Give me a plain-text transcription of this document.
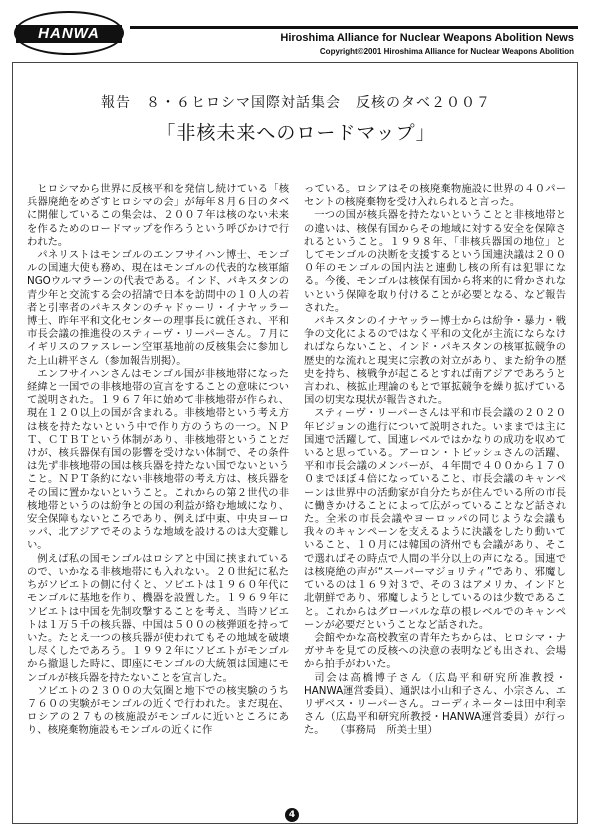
HANWA	Hiroshima Alliance for Nuclear Weapons Abolition News
Copyright©2001 Hiroshima Alliance for Nuclear Weapons Abolition
報告　８・６ヒロシマ国際対話集会　反核のタベ２００７
「非核未来へのロードマップ」

ヒロシマから世界に反核平和を発信し続けている「核兵器廃絶をめざすヒロシマの会」が毎年８月６日のタベに開催しているこの集会は、２００７年は核のない未来を作るためのロードマップを作ろうという呼びかけで行われた。

パネリストはモンゴルのエンフサイハン博士、モンゴルの国連大使も務め、現在はモンゴルの代表的な核軍縮NGOウルマラーンの代表である。インド、パキスタンの青少年と交流する会の招請で日本を訪問中の１０人の若者と引率者のパキスタンのチャドゥーリ・イナヤッラー博士、昨年平和文化センターの理事長に就任され、平和市長会議の推進役のスティーヴ・リーパーさん。７月にイギリスのファスレーン空軍基地前の反核集会に参加した上山耕平さん（参加報告別掲）。

エンフサイハンさんはモンゴル国が非核地帯になった経緯と一国での非核地帯の宣言をすることの意味について説明された。１９６７年に始めて非核地帯が作られ、現在１２０以上の国が含まれる。非核地帯という考え方は核を持たないという中で作り方のうちの一つ。ＮＰＴ、ＣＴＢＴという体制があり、非核地帯ということだけが、核兵器保有国の影響を受けない体制で、その条件は先ず非核地帯の国は核兵器を持たない国でないということ。ＮＰＴ条約にない非核地帯の考え方は、核兵器をその国に置かないということ。これからの第２世代の非核地帯というのは紛争との国の利益が絡む地域になり、安全保障もないところであり、例えば中東、中央ヨーロッパ、北アジアでそのような地域を設けるのは大変難しい。

例えば私の国モンゴルはロシアと中国に挟まれているので、いかなる非核地帯にも入れない。２０世紀に私たちがソビエトの側に付くと、ソビエトは１９６０年代にモンゴルに基地を作り、機器を設置した。１９６９年にソビエトは中国を先制攻撃することを考え、当時ソビエトは１万５千の核兵器、中国は５００の核弾頭を持っていた。たとえ一つの核兵器が使われてもその地域を破壊し尽くしたであろう。１９９２年にソビエトがモンゴルから撤退した時に、即座にモンゴルの大統領は国連にモンゴルが核兵器を持たないことを宣言した。

ソビエトの２３００の大気圏と地下での核実験のうち７６０の実験がモンゴルの近くで行われた。まだ現在、ロシアの２７もの核施設がモンゴルに近いところにあり、核廃棄物施設もモンゴルの近くに作

っている。ロシアはその核廃棄物施設に世界の４０パーセントの核廃棄物を受け入れられると言った。

一つの国が核兵器を持たないということと非核地帯との違いは、核保有国からその地域に対する安全を保障されるということ。１９９８年、「非核兵器国の地位」としてモンゴルの決断を支援するという国連決議は２０００年のモンゴルの国内法と連動し核の所有は犯罪になる。今後、モンゴルは核保有国から将来的に脅かされないという保障を取り付けることが必要となる、など報告された。

パキスタンのイナヤッラー博士からは紛争・暴力・戦争の文化によるのではなく平和の文化が主流にならなければならないこと、インド・パキスタンの核軍拡競争の歴史的な流れと現実に宗教の対立があり、また紛争の歴史を持ち、核戦争が起こるとすれば南アジアであろうと言われ、核拡止理論のもとで軍拡競争を繰り拡げている国の切実な現状が報告された。

スティーヴ・リーパーさんは平和市長会議の２０２０年ビジョンの進行について説明された。いままでは主に国連で活躍して、国連レベルではかなりの成功を収めていると思っている。アーロン・トビッシュさんの活躍、平和市長会議のメンバーが、４年間で４００から１７００までほぼ４倍になっていること、市長会議のキャンペーンは世界中の活動家が自分たちが住んでいる所の市長に働きかけることによって広がっていることなど話された。全米の市長会議やヨーロッパの同じような会議も我々のキャンペーンを支えるように決議をしたり動いていること、１０月には韓国の済州でも会議があり、そこで選ればその時点で人間の半分以上の声になる。国連では核廃絶の声が“スーパーマジョリティ”であり、邪魔しているのは１６９対３で、その３はアメリカ、インドと北朝鮮であり、邪魔しようとしているのは少数であること。これからはグローバルな草の根レベルでのキャンペーンが必要だということなど話された。

会館やかな高校教室の青年たちからは、ヒロシマ・ナガサキを見ての反核への決意の表明なども出され、会場から拍手がわいた。

司会は高橋博子さん（広島平和研究所准教授・HANWA運営委員）、通訳は小山和子さん、小宗さん、エリザベス・リーパーさん。コーディネーターは田中利幸さん（広島平和研究所教授・HANWA運営委員）が行った。　　（事務局　所美士里）

4
